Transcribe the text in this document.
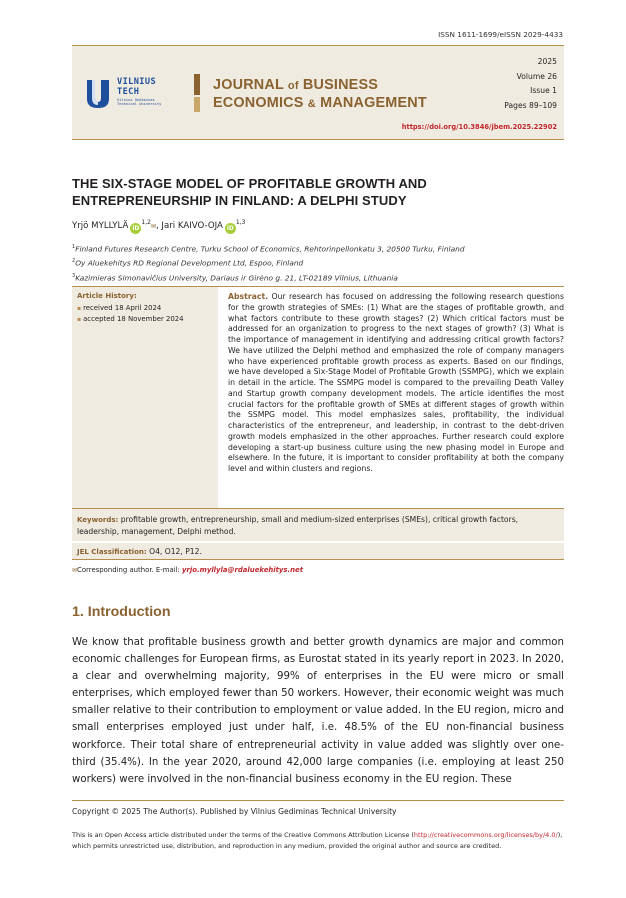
ISSN 1611-1699/eISSN 2029-4433
VILNIUS
TECH
Vilnius Gediminas
Technical University
JOURNAL of BUSINESS
ECONOMICS & MANAGEMENT
2025
Volume 26
Issue 1
Pages 89–109
https://doi.org/10.3846/jbem.2025.22902
THE SIX-STAGE MODEL OF PROFITABLE GROWTH AND
ENTREPRENEURSHIP IN FINLAND: A DELPHI STUDY
Yrjö MYLLYLÄ iD$^{1,2}$✉, Jari KAIVO-OJA iD$^{1,3}$
$^1$Finland Futures Research Centre, Turku School of Economics, Rehtorinpellonkatu 3, 20500 Turku, Finland
$^2$Oy Aluekehitys RD Regional Development Ltd, Espoo, Finland
$^3$Kazimieras Simonavičius University, Dariaus ir Girėno g. 21, LT-02189 Vilnius, Lithuania
Article History:
▪ received 18 April 2024
▪ accepted 18 November 2024
Abstract. Our research has focused on addressing the following research questions for the growth strategies of SMEs: (1) What are the stages of profitable growth, and what factors contribute to these growth stages? (2) Which critical factors must be addressed for an organization to progress to the next stages of growth? (3) What is the importance of management in identifying and addressing critical growth factors? We have utilized the Delphi method and emphasized the role of company managers who have experienced profitable growth process as experts. Based on our findings, we have developed a Six-Stage Model of Profitable Growth (SSMPG), which we explain in detail in the article. The SSMPG model is compared to the prevailing Death Valley and Startup growth company development models. The article identifies the most crucial factors for the profitable growth of SMEs at different stages of growth within the SSMPG model. This model emphasizes sales, profitability, the individual characteristics of the entrepreneur, and leadership, in contrast to the debt-driven growth models emphasized in the other approaches. Further research could explore developing a start-up business culture using the new phasing model in Europe and elsewhere. In the future, it is important to consider profitability at both the company level and within clusters and regions.
Keywords: profitable growth, entrepreneurship, small and medium-sized enterprises (SMEs), critical growth factors, leadership, management, Delphi method.
JEL Classification: O4, O12, P12.
✉Corresponding author. E-mail: yrjo.myllyla@rdaluekehitys.net
1. Introduction
We know that profitable business growth and better growth dynamics are major and common economic challenges for European firms, as Eurostat stated in its yearly report in 2023. In 2020, a clear and overwhelming majority, 99% of enterprises in the EU were micro or small enterprises, which employed fewer than 50 workers. However, their economic weight was much smaller relative to their contribution to employment or value added. In the EU region, micro and small enterprises employed just under half, i.e. 48.5% of the EU non-financial business workforce. Their total share of entrepreneurial activity in value added was slightly over one-third (35.4%). In the year 2020, around 42,000 large companies (i.e. employing at least 250 workers) were involved in the non-financial business economy in the EU region. These
Copyright © 2025 The Author(s). Published by Vilnius Gediminas Technical University
This is an Open Access article distributed under the terms of the Creative Commons Attribution License (http://creativecommons.org/licenses/by/4.0/), which permits unrestricted use, distribution, and reproduction in any medium, provided the original author and source are credited.
